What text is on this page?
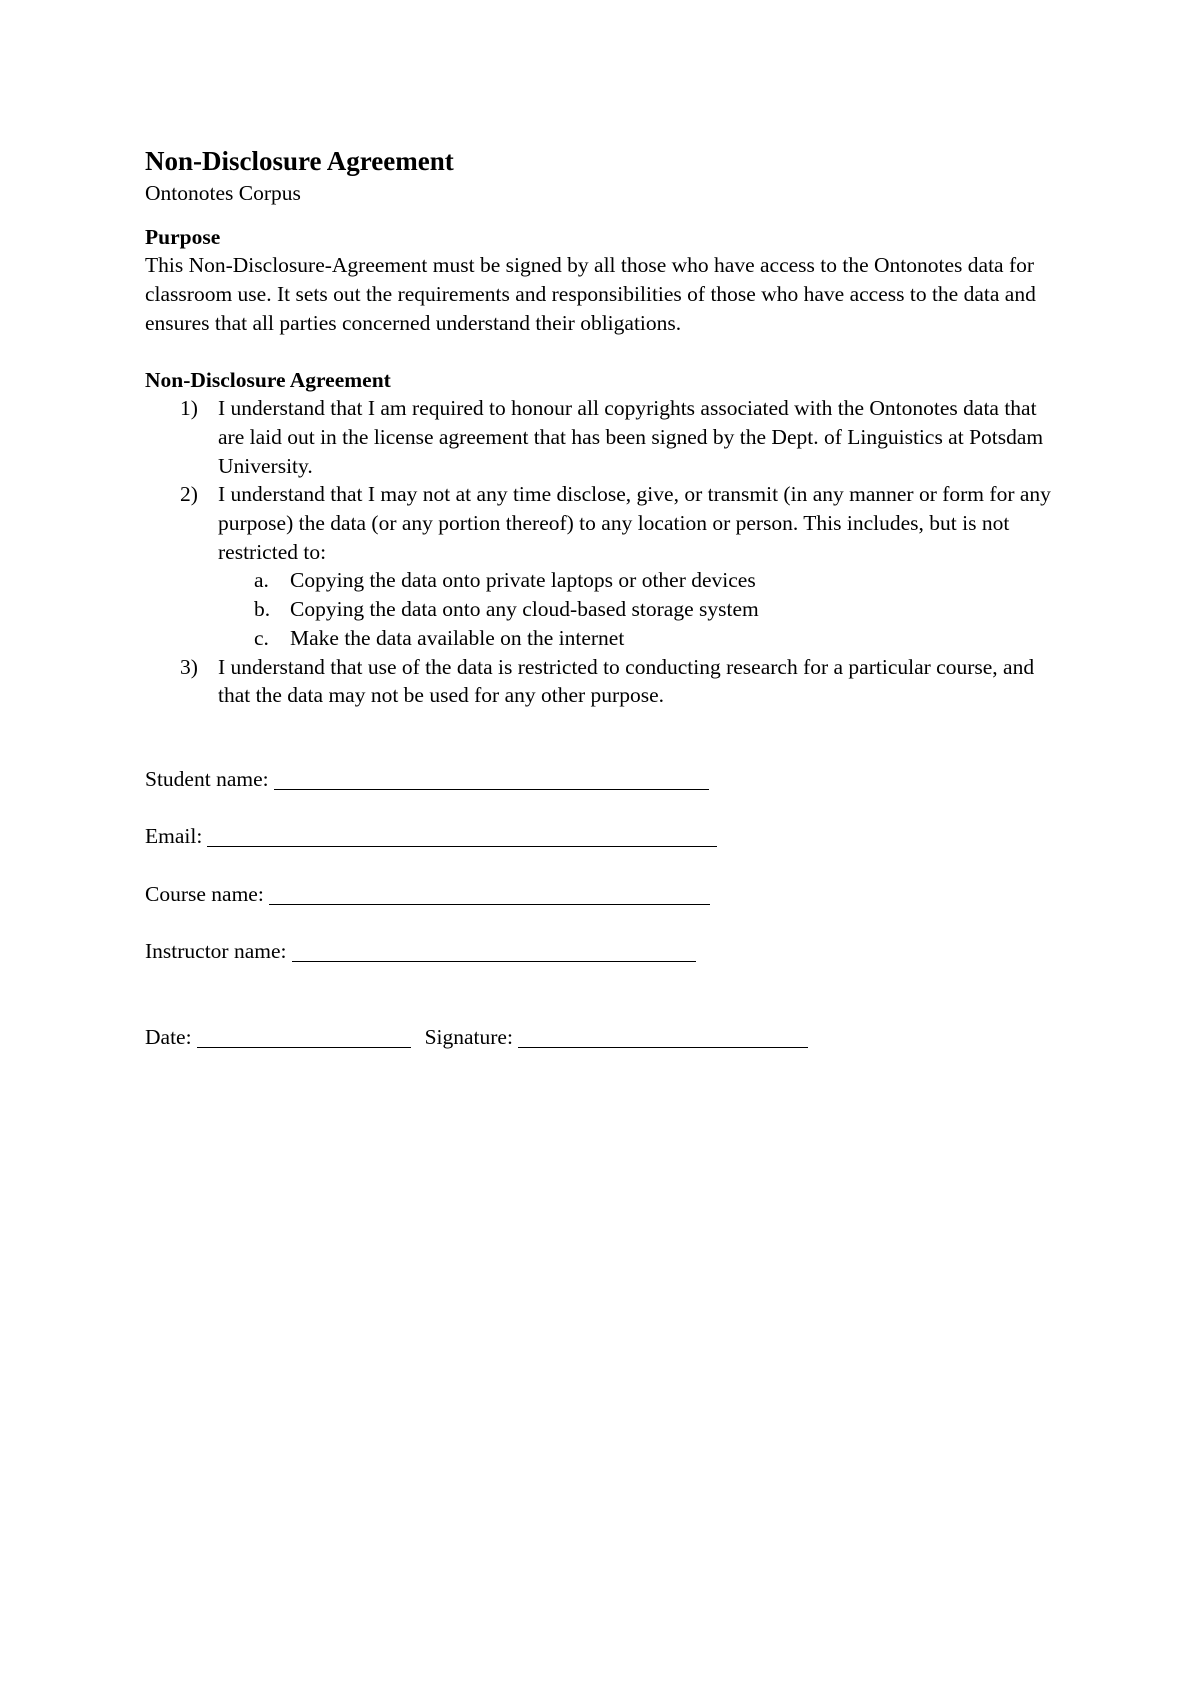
Non-Disclosure Agreement

Ontonotes Corpus

Purpose

This Non-Disclosure-Agreement must be signed by all those who have access to the Ontonotes data for classroom use. It sets out the requirements and responsibilities of those who have access to the data and ensures that all parties concerned understand their obligations.

Non-Disclosure Agreement

1) I understand that I am required to honour all copyrights associated with the Ontonotes data that are laid out in the license agreement that has been signed by the Dept. of Linguistics at Potsdam University.
2) I understand that I may not at any time disclose, give, or transmit (in any manner or form for any purpose) the data (or any portion thereof) to any location or person. This includes, but is not restricted to:
a. Copying the data onto private laptops or other devices
b. Copying the data onto any cloud-based storage system
c. Make the data available on the internet
3) I understand that use of the data is restricted to conducting research for a particular course, and that the data may not be used for any other purpose.
Student name:
Email:
Course name:
Instructor name:
Date:	Signature:
